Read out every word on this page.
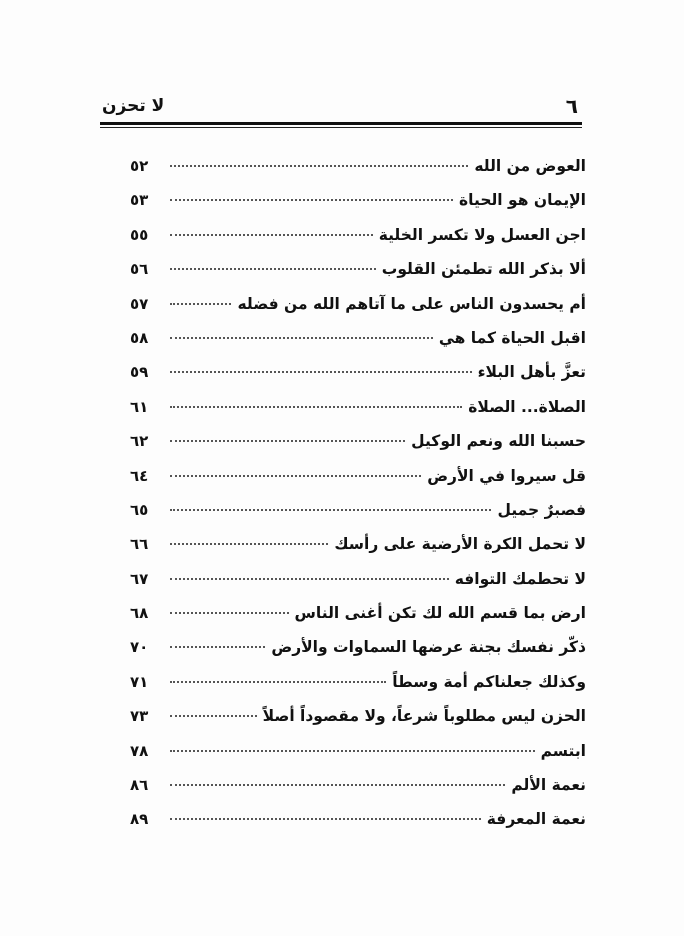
٦
لا تحزن
العوض من الله
٥٢
الإيمان هو الحياة
٥٣
اجن العسل ولا تكسر الخلية
٥٥
ألا بذكر الله تطمئن القلوب
٥٦
أم يحسدون الناس على ما آتاهم الله من فضله
٥٧
اقبل الحياة كما هي
٥٨
تعزَّ بأهل البلاء
٥٩
الصلاة... الصلاة
٦١
حسبنا الله ونعم الوكيل
٦٢
قل سيروا في الأرض
٦٤
فصبرٌ جميل
٦٥
لا تحمل الكرة الأرضية على رأسك
٦٦
لا تحطمك التوافه
٦٧
ارض بما قسم الله لك تكن أغنى الناس
٦٨
ذكّر نفسك بجنة عرضها السماوات والأرض
٧٠
وكذلك جعلناكم أمة وسطاً
٧١
الحزن ليس مطلوباً شرعاً، ولا مقصوداً أصلاً
٧٣
ابتسم
٧٨
نعمة الألم
٨٦
نعمة المعرفة
٨٩
